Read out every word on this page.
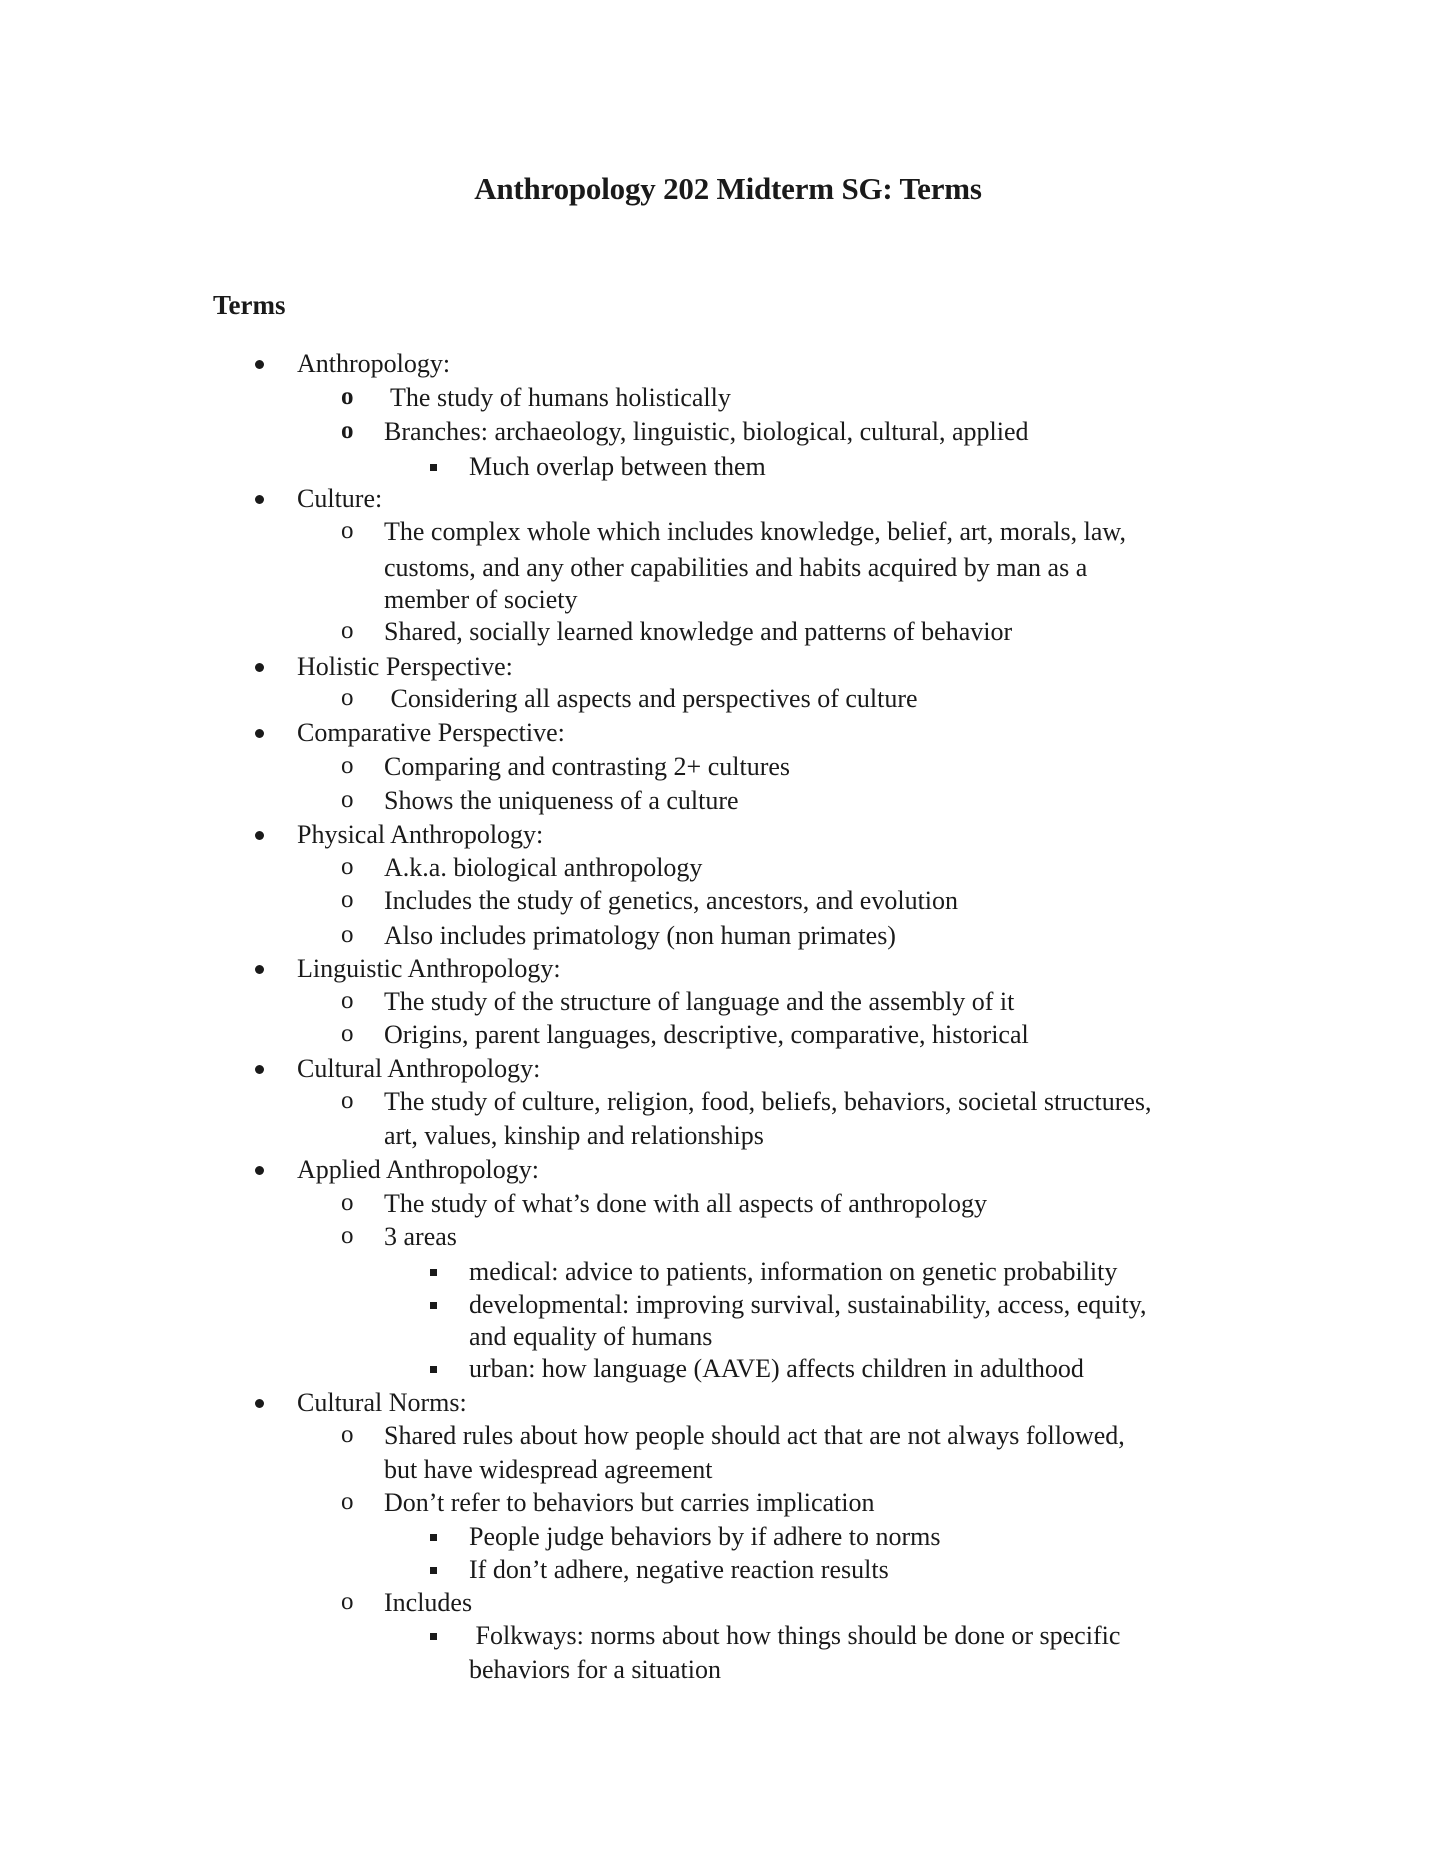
Anthropology 202 Midterm SG: Terms
Terms
Anthropology:
o The study of humans holistically
o Branches: archaeology, linguistic, biological, cultural, applied
Much overlap between them
Culture:
o The complex whole which includes knowledge, belief, art, morals, law,
customs, and any other capabilities and habits acquired by man as a
member of society
o Shared, socially learned knowledge and patterns of behavior
Holistic Perspective:
o Considering all aspects and perspectives of culture
Comparative Perspective:
o Comparing and contrasting 2+ cultures
o Shows the uniqueness of a culture
Physical Anthropology:
o A.k.a. biological anthropology
o Includes the study of genetics, ancestors, and evolution
o Also includes primatology (non human primates)
Linguistic Anthropology:
o The study of the structure of language and the assembly of it
o Origins, parent languages, descriptive, comparative, historical
Cultural Anthropology:
o The study of culture, religion, food, beliefs, behaviors, societal structures,
art, values, kinship and relationships
Applied Anthropology:
o The study of what’s done with all aspects of anthropology
o 3 areas
medical: advice to patients, information on genetic probability
developmental: improving survival, sustainability, access, equity,
and equality of humans
urban: how language (AAVE) affects children in adulthood
Cultural Norms:
o Shared rules about how people should act that are not always followed,
but have widespread agreement
o Don’t refer to behaviors but carries implication
People judge behaviors by if adhere to norms
If don’t adhere, negative reaction results
o Includes
Folkways: norms about how things should be done or specific
behaviors for a situation
